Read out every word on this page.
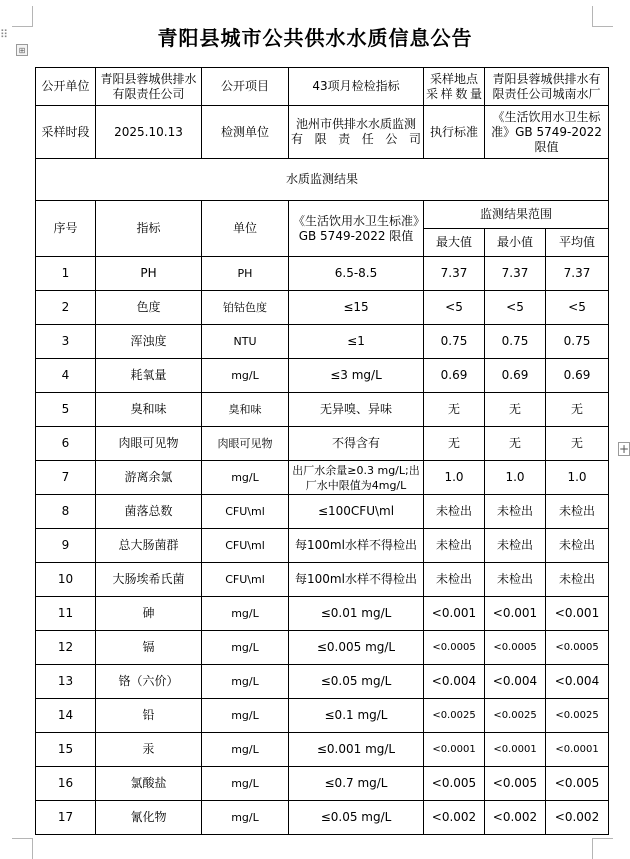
⠿
⊞
+
青阳县城市公共供水水质信息公告
公开单位	青阳县蓉城供排水有限责任公司	公开项目	43项月检检指标	采样地点采样数量	青阳县蓉城供排水有限责任公司城南水厂	
采样时段	2025.10.13	检测单位	池州市供排水水质监测有限责任公司	执行标准	《生活饮用水卫生标准》GB 5749-2022限值	
水质监测结果						
序号	指标	单位	《生活饮用水卫生标准》GB 5749-2022 限值	监测结果范围		
				最大值	最小值	平均值
1	PH	PH	6.5-8.5	7.37	7.37	7.37
2	色度	铂钴色度	≤15	<5	<5	<5
3	浑浊度	NTU	≤1	0.75	0.75	0.75
4	耗氧量	mg/L	≤3 mg/L	0.69	0.69	0.69
5	臭和味	臭和味	无异嗅、异味	无	无	无
6	肉眼可见物	肉眼可见物	不得含有	无	无	无
7	游离余氯	mg/L	出厂水余量≥0.3 mg/L;出厂水中限值为4mg/L	1.0	1.0	1.0
8	菌落总数	CFU\ml	≤100CFU\ml	未检出	未检出	未检出
9	总大肠菌群	CFU\ml	每100ml水样不得检出	未检出	未检出	未检出
10	大肠埃希氏菌	CFU\ml	每100ml水样不得检出	未检出	未检出	未检出
11	砷	mg/L	≤0.01 mg/L	<0.001	<0.001	<0.001
12	镉	mg/L	≤0.005 mg/L	<0.0005	<0.0005	<0.0005
13	铬（六价）	mg/L	≤0.05 mg/L	<0.004	<0.004	<0.004
14	铅	mg/L	≤0.1 mg/L	<0.0025	<0.0025	<0.0025
15	汞	mg/L	≤0.001 mg/L	<0.0001	<0.0001	<0.0001
16	氯酸盐	mg/L	≤0.7 mg/L	<0.005	<0.005	<0.005
17	氰化物	mg/L	≤0.05 mg/L	<0.002	<0.002	<0.002
